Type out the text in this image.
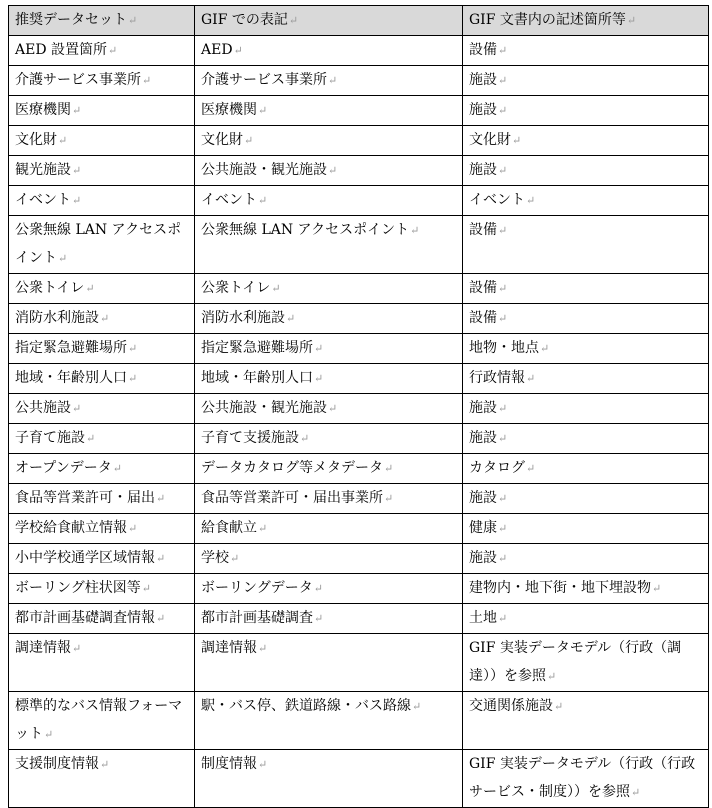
推奨データセット↵	GIF での表記↵	GIF 文書内の記述箇所等↵
AED 設置箇所↵	AED↵	設備↵
介護サービス事業所↵	介護サービス事業所↵	施設↵
医療機関↵	医療機関↵	施設↵
文化財↵	文化財↵	文化財↵
観光施設↵	公共施設・観光施設↵	施設↵
イベント↵	イベント↵	イベント↵
公衆無線 LAN アクセスポイント↵	公衆無線 LAN アクセスポイント↵	設備↵
公衆トイレ↵	公衆トイレ↵	設備↵
消防水利施設↵	消防水利施設↵	設備↵
指定緊急避難場所↵	指定緊急避難場所↵	地物・地点↵
地域・年齢別人口↵	地域・年齢別人口↵	行政情報↵
公共施設↵	公共施設・観光施設↵	施設↵
子育て施設↵	子育て支援施設↵	施設↵
オープンデータ↵	データカタログ等メタデータ↵	カタログ↵
食品等営業許可・届出↵	食品等営業許可・届出事業所↵	施設↵
学校給食献立情報↵	給食献立↵	健康↵
小中学校通学区域情報↵	学校↵	施設↵
ボーリング柱状図等↵	ボーリングデータ↵	建物内・地下街・地下埋設物↵
都市計画基礎調査情報↵	都市計画基礎調査↵	土地↵
調達情報↵	調達情報↵	GIF 実装データモデル（行政（調達））を参照↵
標準的なバス情報フォーマット↵	駅・バス停、鉄道路線・バス路線↵	交通関係施設↵
支援制度情報↵	制度情報↵	GIF 実装データモデル（行政（行政サービス・制度））を参照↵
